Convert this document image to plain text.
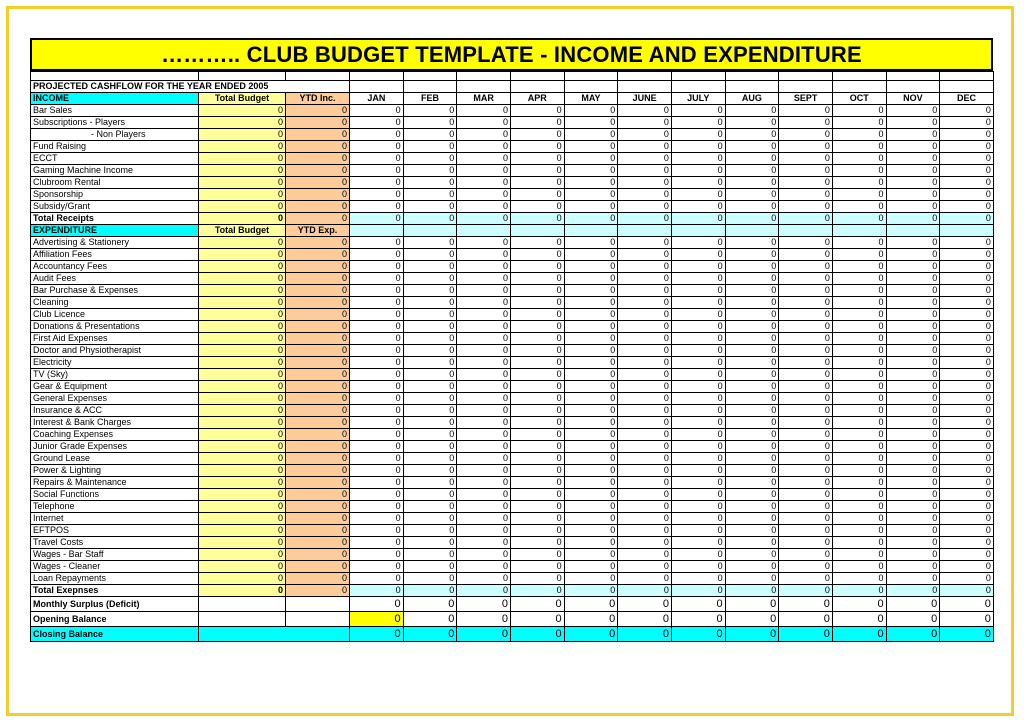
……….. CLUB BUDGET TEMPLATE - INCOME AND EXPENDITURE

PROJECTED CASHFLOW FOR THE YEAR ENDED 2005														
INCOME	Total Budget	YTD Inc.	JAN	FEB	MAR	APR	MAY	JUNE	JULY	AUG	SEPT	OCT	NOV	DEC
Bar Sales	0	0	0	0	0	0	0	0	0	0	0	0	0	0
Subscriptions - Players	0	0	0	0	0	0	0	0	0	0	0	0	0	0
- Non Players	0	0	0	0	0	0	0	0	0	0	0	0	0	0
Fund Raising	0	0	0	0	0	0	0	0	0	0	0	0	0	0
ECCT	0	0	0	0	0	0	0	0	0	0	0	0	0	0
Gaming Machine Income	0	0	0	0	0	0	0	0	0	0	0	0	0	0
Clubroom Rental	0	0	0	0	0	0	0	0	0	0	0	0	0	0
Sponsorship	0	0	0	0	0	0	0	0	0	0	0	0	0	0
Subsidy/Grant	0	0	0	0	0	0	0	0	0	0	0	0	0	0
Total Receipts	0	0	0	0	0	0	0	0	0	0	0	0	0	0
EXPENDITURE	Total Budget	YTD Exp.												
Advertising & Stationery	0	0	0	0	0	0	0	0	0	0	0	0	0	0
Affiliation Fees	0	0	0	0	0	0	0	0	0	0	0	0	0	0
Accountancy Fees	0	0	0	0	0	0	0	0	0	0	0	0	0	0
Audit Fees	0	0	0	0	0	0	0	0	0	0	0	0	0	0
Bar Purchase & Expenses	0	0	0	0	0	0	0	0	0	0	0	0	0	0
Cleaning	0	0	0	0	0	0	0	0	0	0	0	0	0	0
Club Licence	0	0	0	0	0	0	0	0	0	0	0	0	0	0
Donations & Presentations	0	0	0	0	0	0	0	0	0	0	0	0	0	0
First Aid Expenses	0	0	0	0	0	0	0	0	0	0	0	0	0	0
Doctor and Physiotherapist	0	0	0	0	0	0	0	0	0	0	0	0	0	0
Electricity	0	0	0	0	0	0	0	0	0	0	0	0	0	0
TV (Sky)	0	0	0	0	0	0	0	0	0	0	0	0	0	0
Gear & Equipment	0	0	0	0	0	0	0	0	0	0	0	0	0	0
General Expenses	0	0	0	0	0	0	0	0	0	0	0	0	0	0
Insurance & ACC	0	0	0	0	0	0	0	0	0	0	0	0	0	0
Interest & Bank Charges	0	0	0	0	0	0	0	0	0	0	0	0	0	0
Coaching Expenses	0	0	0	0	0	0	0	0	0	0	0	0	0	0
Junior Grade Expenses	0	0	0	0	0	0	0	0	0	0	0	0	0	0
Ground Lease	0	0	0	0	0	0	0	0	0	0	0	0	0	0
Power & Lighting	0	0	0	0	0	0	0	0	0	0	0	0	0	0
Repairs & Maintenance	0	0	0	0	0	0	0	0	0	0	0	0	0	0
Social Functions	0	0	0	0	0	0	0	0	0	0	0	0	0	0
Telephone	0	0	0	0	0	0	0	0	0	0	0	0	0	0
Internet	0	0	0	0	0	0	0	0	0	0	0	0	0	0
EFTPOS	0	0	0	0	0	0	0	0	0	0	0	0	0	0
Travel Costs	0	0	0	0	0	0	0	0	0	0	0	0	0	0
Wages - Bar Staff	0	0	0	0	0	0	0	0	0	0	0	0	0	0
Wages - Cleaner	0	0	0	0	0	0	0	0	0	0	0	0	0	0
Loan Repayments	0	0	0	0	0	0	0	0	0	0	0	0	0	0
Total Exepnses	0	0	0	0	0	0	0	0	0	0	0	0	0	0
Monthly Surplus (Deficit)			0	0	0	0	0	0	0	0	0	0	0	0
Opening Balance			0	0	0	0	0	0	0	0	0	0	0	0
Closing Balance			0	0	0	0	0	0	0	0	0	0	0	0
